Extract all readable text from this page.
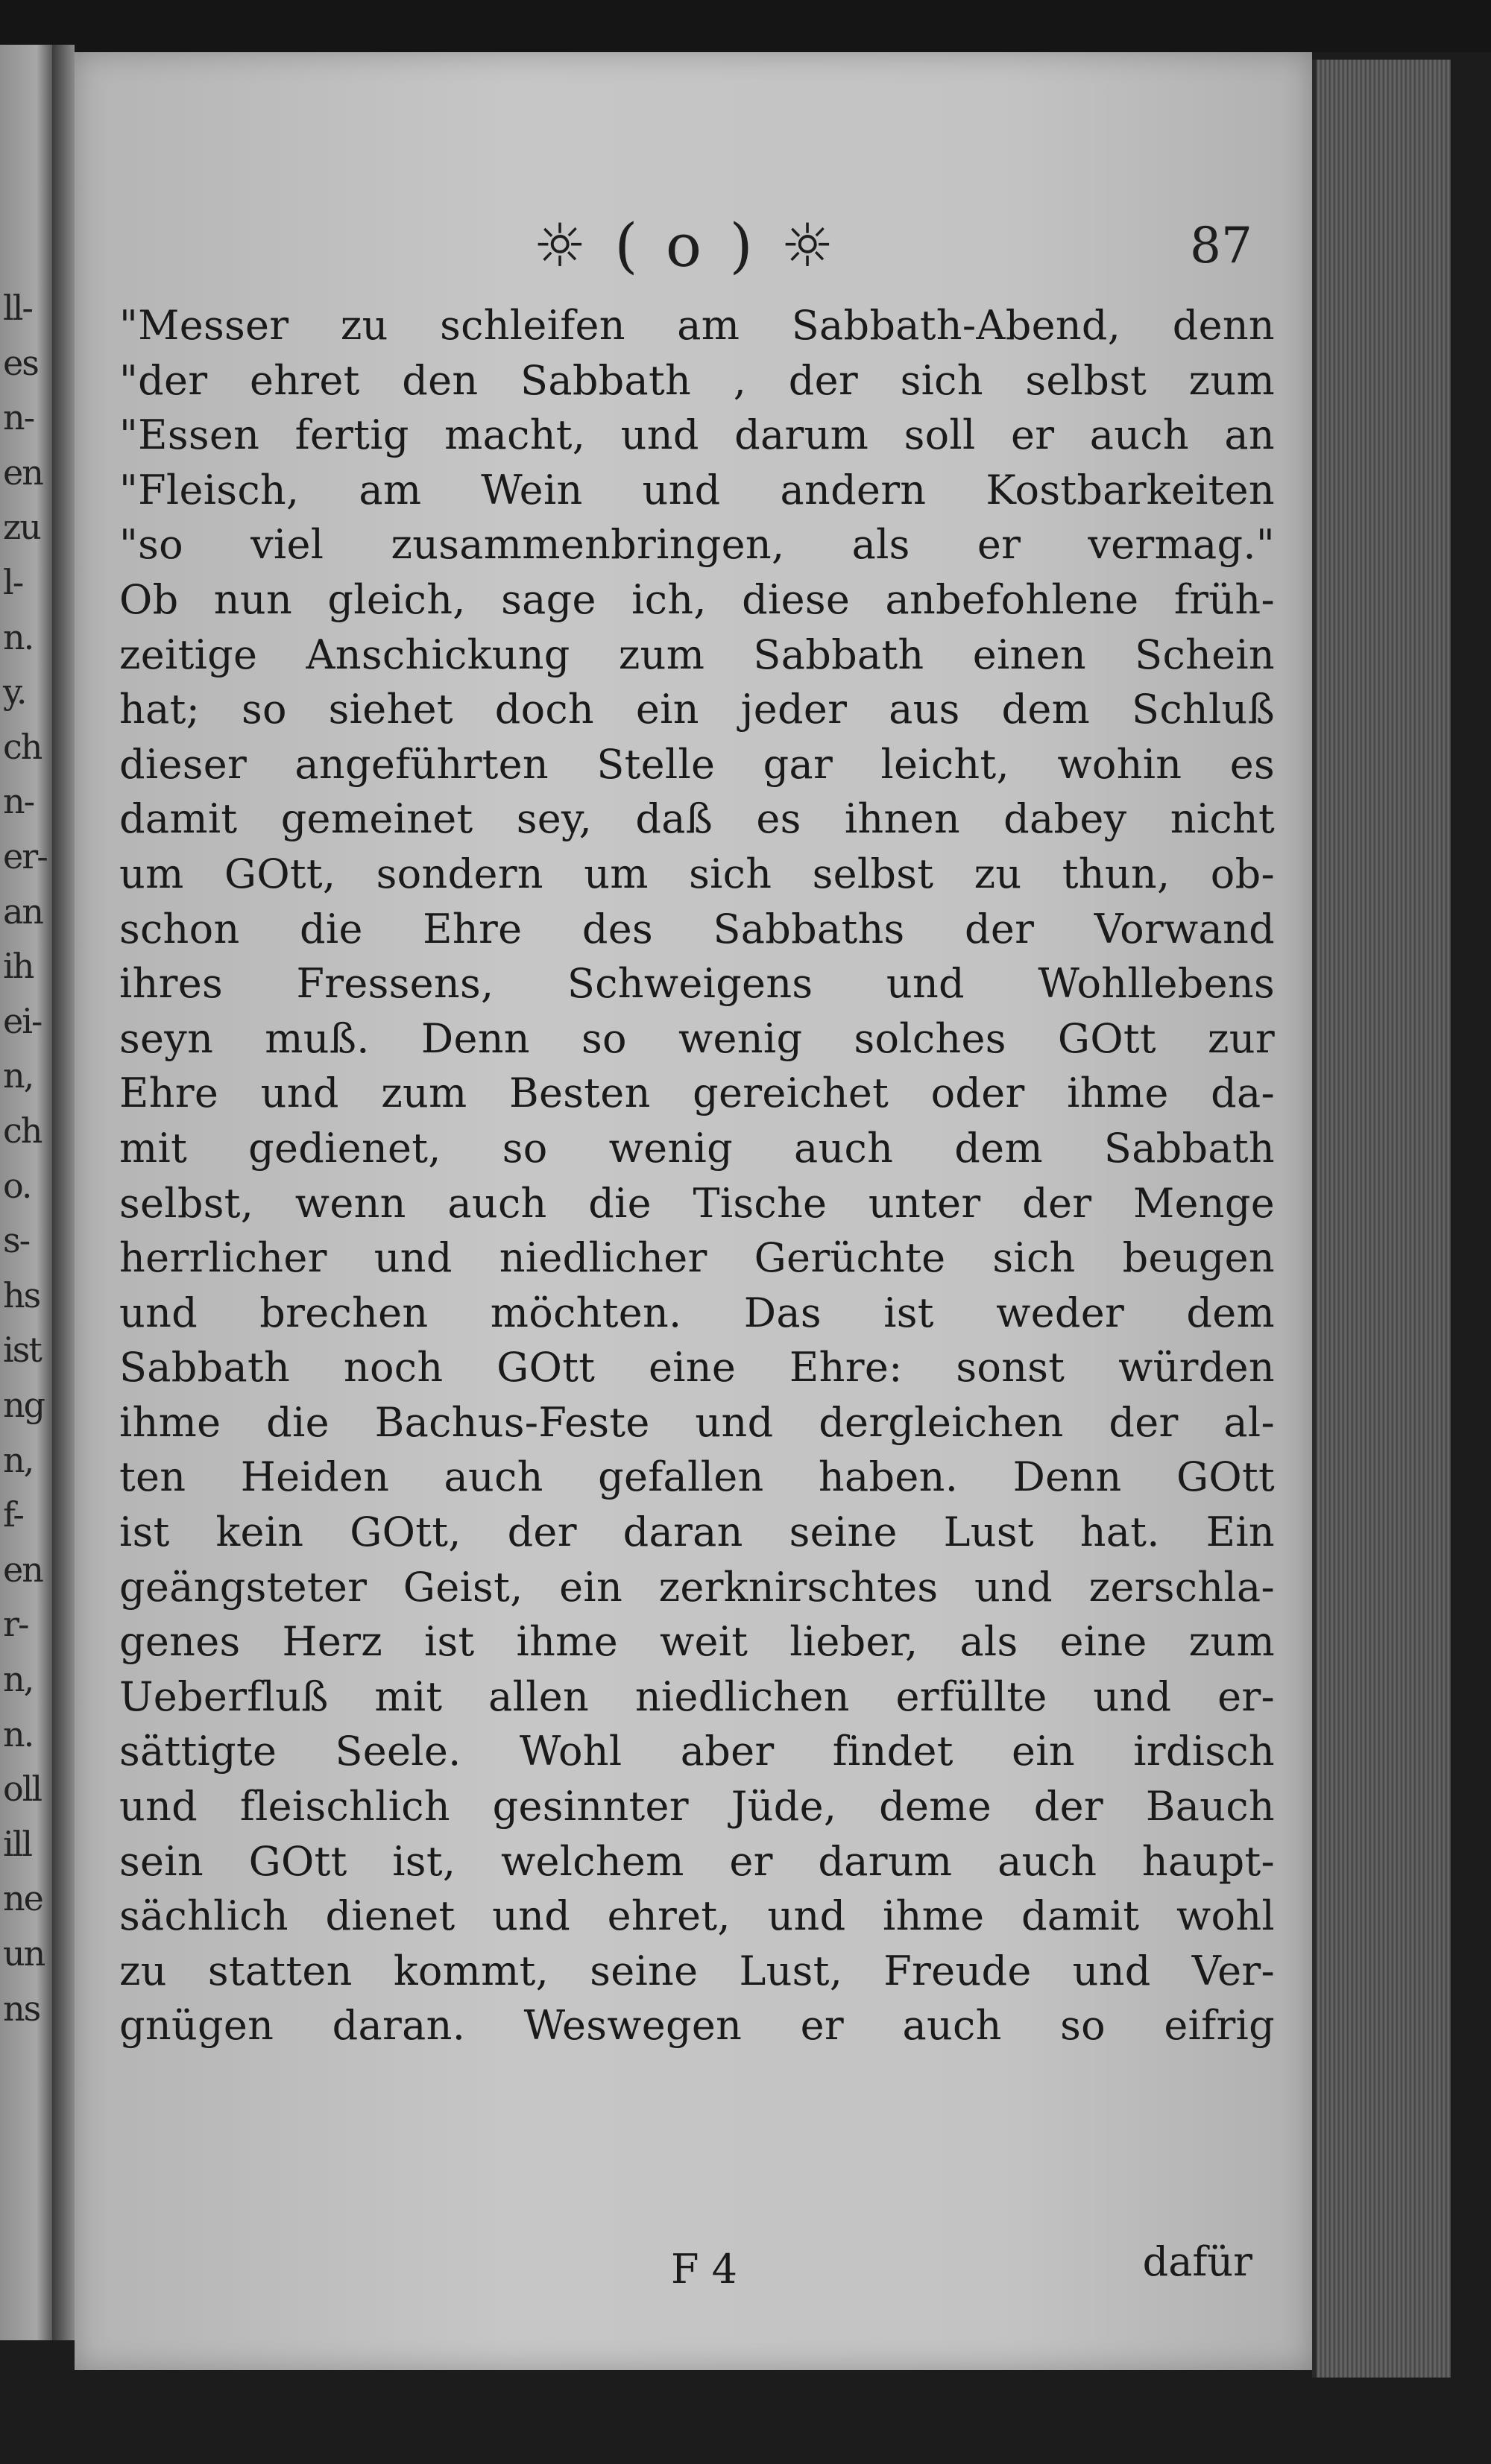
ll-
es
n-
en
zu
l-
n.
y.
ch
n-
er-
an
ih
ei-
n,
ch
o.
s-
hs
ist
ng
n,
f-
en
r-
n,
n.
oll
ill
ne
un
ns
☼ ( o ) ☼	87
"Messer zu schleifen am Sabbath-Abend, denn
"der ehret den Sabbath , der sich selbst zum
"Essen fertig macht, und darum soll er auch an
"Fleisch, am Wein und andern Kostbarkeiten
"so viel zusammenbringen, als er vermag."
Ob nun gleich, sage ich, diese anbefohlene früh-
zeitige Anschickung zum Sabbath einen Schein
hat; so siehet doch ein jeder aus dem Schluß
dieser angeführten Stelle gar leicht, wohin es
damit gemeinet sey, daß es ihnen dabey nicht
um GOtt, sondern um sich selbst zu thun, ob-
schon die Ehre des Sabbaths der Vorwand
ihres Fressens, Schweigens und Wohllebens
seyn muß. Denn so wenig solches GOtt zur
Ehre und zum Besten gereichet oder ihme da-
mit gedienet, so wenig auch dem Sabbath
selbst, wenn auch die Tische unter der Menge
herrlicher und niedlicher Gerüchte sich beugen
und brechen möchten. Das ist weder dem
Sabbath noch GOtt eine Ehre: sonst würden
ihme die Bachus-Feste und dergleichen der al-
ten Heiden auch gefallen haben. Denn GOtt
ist kein GOtt, der daran seine Lust hat. Ein
geängsteter Geist, ein zerknirschtes und zerschla-
genes Herz ist ihme weit lieber, als eine zum
Ueberfluß mit allen niedlichen erfüllte und er-
sättigte Seele. Wohl aber findet ein irdisch
und fleischlich gesinnter Jüde, deme der Bauch
sein GOtt ist, welchem er darum auch haupt-
sächlich dienet und ehret, und ihme damit wohl
zu statten kommt, seine Lust, Freude und Ver-
gnügen daran. Weswegen er auch so eifrig
F 4	dafür
